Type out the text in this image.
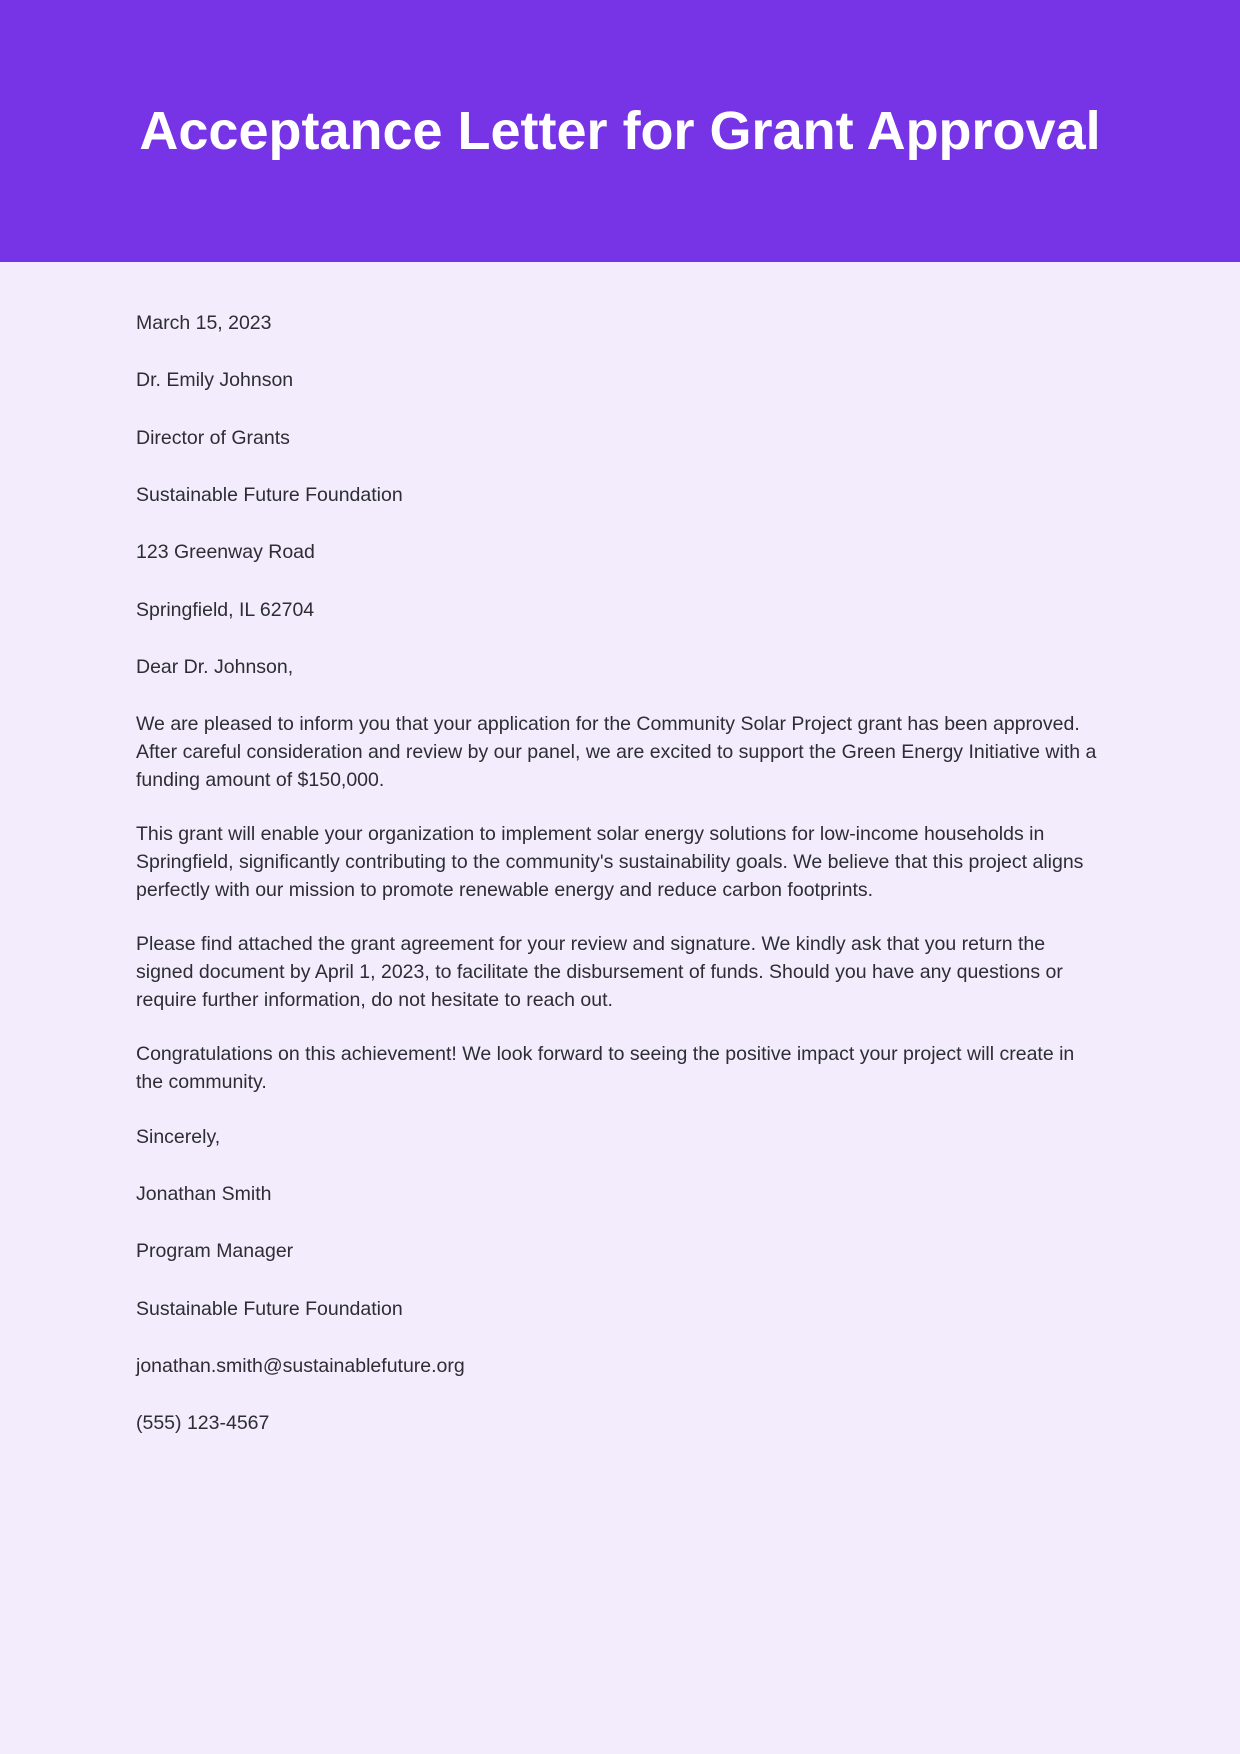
Acceptance Letter for Grant Approval

March 15, 2023

Dr. Emily Johnson

Director of Grants

Sustainable Future Foundation

123 Greenway Road

Springfield, IL 62704

Dear Dr. Johnson,

We are pleased to inform you that your application for the Community Solar Project grant has been approved. After careful consideration and review by our panel, we are excited to support the Green Energy Initiative with a funding amount of $150,000.

This grant will enable your organization to implement solar energy solutions for low-income households in Springfield, significantly contributing to the community's sustainability goals. We believe that this project aligns perfectly with our mission to promote renewable energy and reduce carbon footprints.

Please find attached the grant agreement for your review and signature. We kindly ask that you return the signed document by April 1, 2023, to facilitate the disbursement of funds. Should you have any questions or require further information, do not hesitate to reach out.

Congratulations on this achievement! We look forward to seeing the positive impact your project will create in the community.

Sincerely,

Jonathan Smith

Program Manager

Sustainable Future Foundation

jonathan.smith@sustainablefuture.org

(555) 123-4567
